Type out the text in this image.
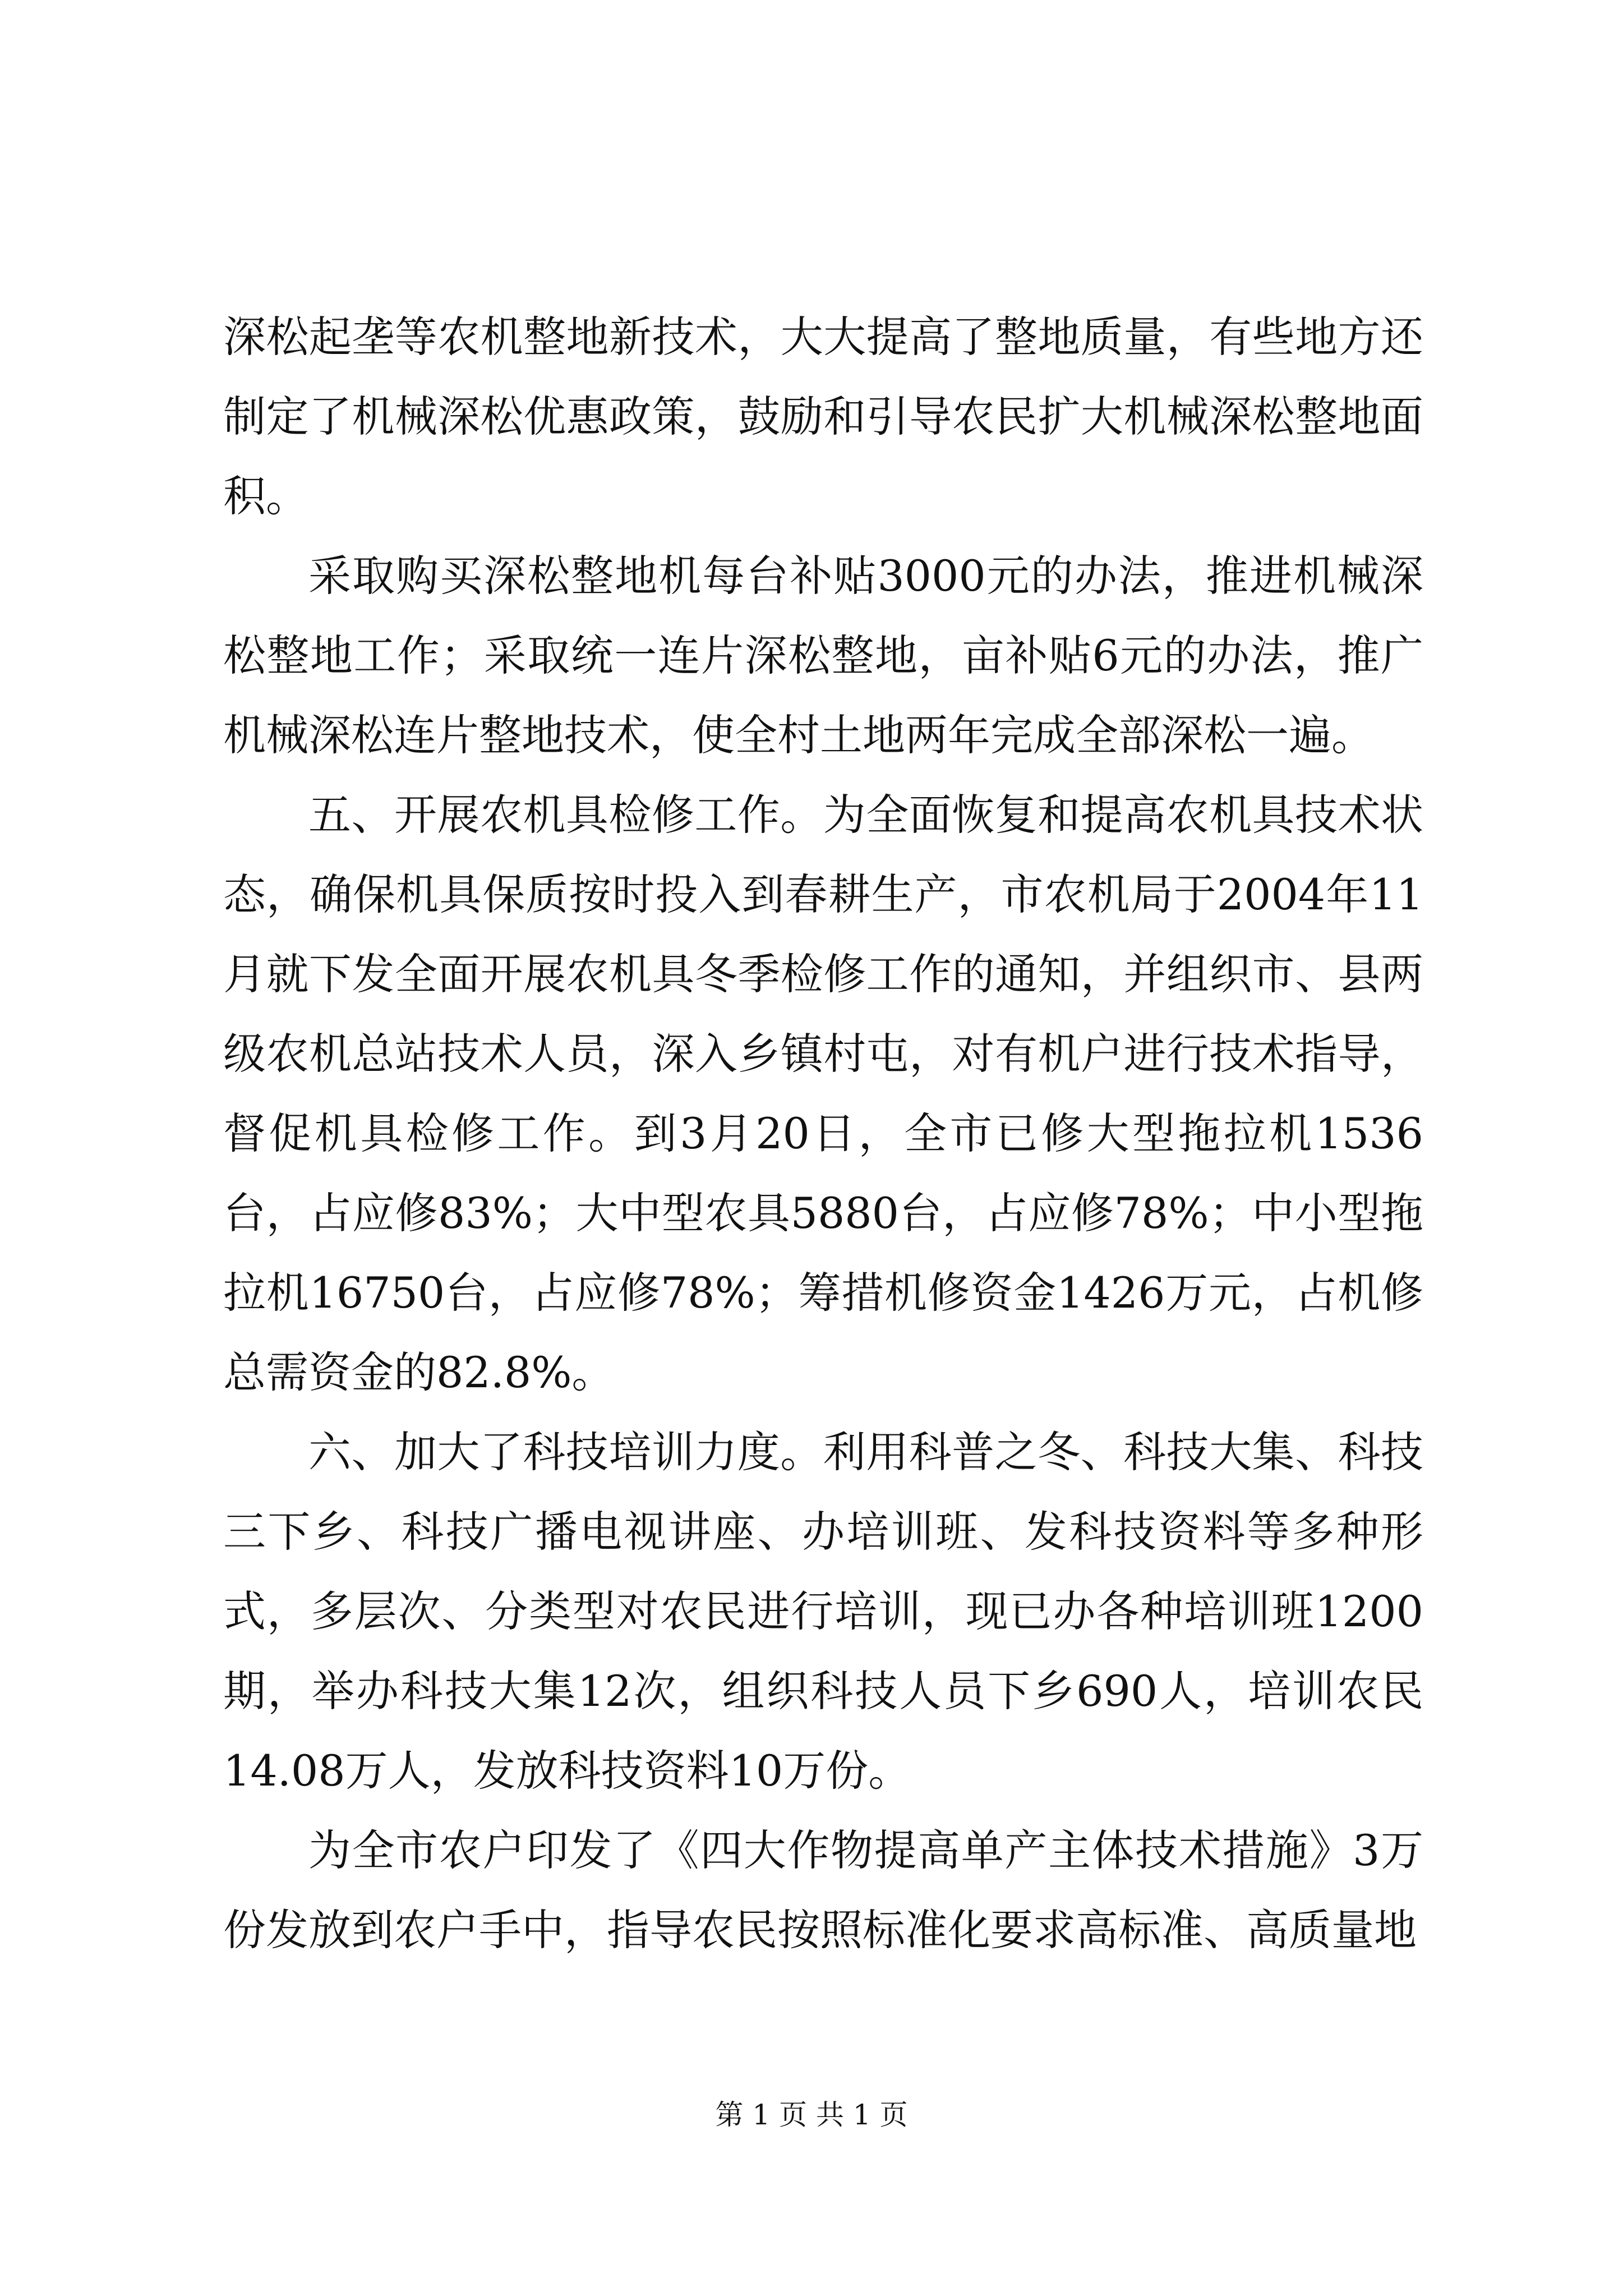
深松起垄等农机整地新技术，大大提高了整地质量，有些地方还制定了机械深松优惠政策，鼓励和引导农民扩大机械深松整地面积。

采取购买深松整地机每台补贴3000元的办法，推进机械深松整地工作；采取统一连片深松整地，亩补贴6元的办法，推广机械深松连片整地技术，使全村土地两年完成全部深松一遍。

五、开展农机具检修工作。为全面恢复和提高农机具技术状态，确保机具保质按时投入到春耕生产，市农机局于2004年11月就下发全面开展农机具冬季检修工作的通知，并组织市、县两级农机总站技术人员，深入乡镇村屯，对有机户进行技术指导，督促机具检修工作。到3月20日，全市已修大型拖拉机1536台，占应修83%；大中型农具5880台，占应修78%；中小型拖拉机16750台，占应修78%；筹措机修资金1426万元，占机修总需资金的82.8%。

六、加大了科技培训力度。利用科普之冬、科技大集、科技三下乡、科技广播电视讲座、办培训班、发科技资料等多种形式，多层次、分类型对农民进行培训，现已办各种培训班1200期，举办科技大集12次，组织科技人员下乡690人，培训农民14.08万人，发放科技资料10万份。

为全市农户印发了《四大作物提高单产主体技术措施》3万份发放到农户手中，指导农民按照标准化要求高标准、高质量地

第 1 页 共 1 页
